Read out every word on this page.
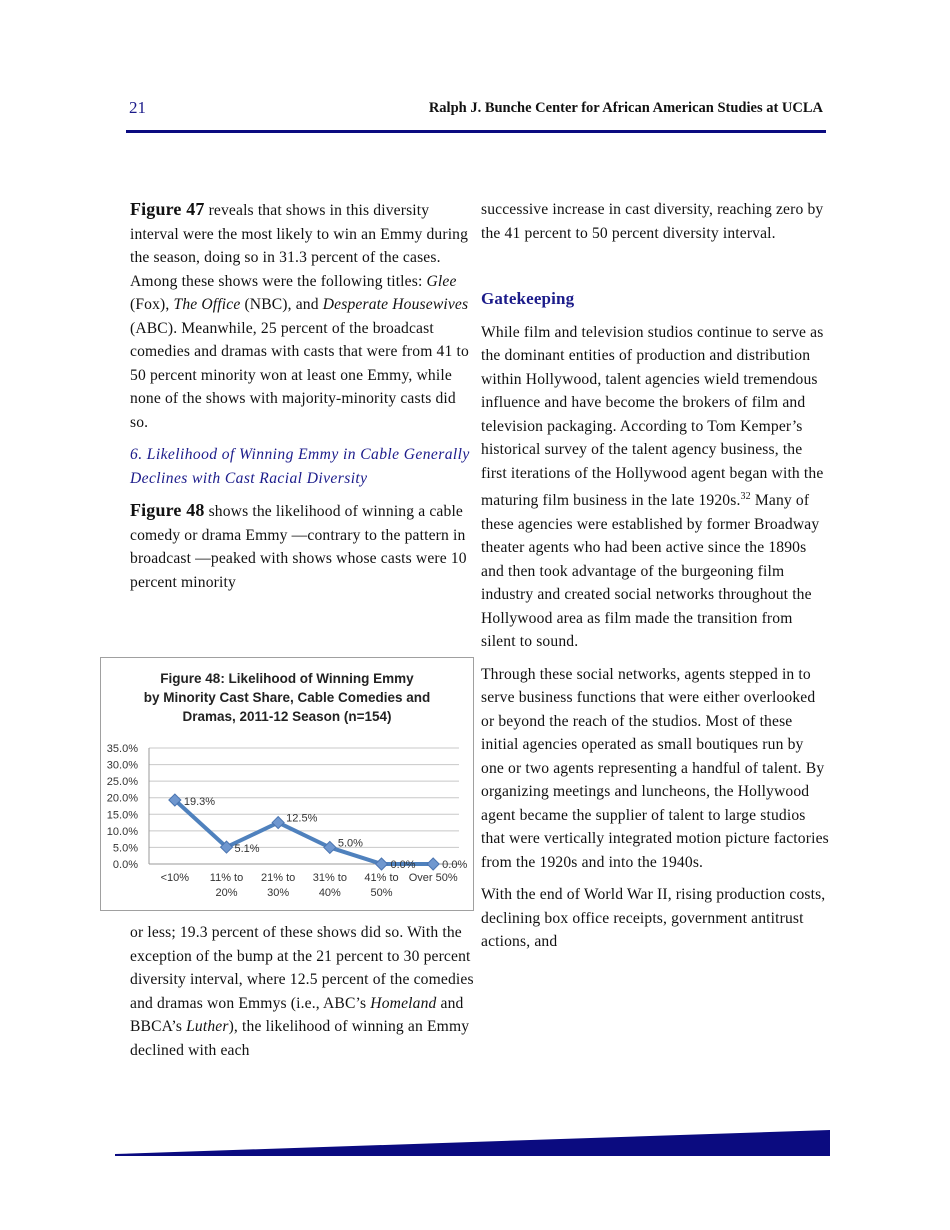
21	Ralph J. Bunche Center for African American Studies at UCLA

Figure 47 reveals that shows in this diversity interval were the most likely to win an Emmy during the season, doing so in 31.3 percent of the cases. Among these shows were the following titles: Glee (Fox), The Office (NBC), and Desperate Housewives (ABC). Meanwhile, 25 percent of the broadcast comedies and dramas with casts that were from 41 to 50 percent minority won at least one Emmy, while none of the shows with majority-minority casts did so.

6. Likelihood of Winning Emmy in Cable Generally Declines with Cast Racial Diversity

Figure 48 shows the likelihood of winning a cable comedy or drama Emmy —contrary to the pattern in broadcast —peaked with shows whose casts were 10 percent minority

Figure 48: Likelihood of Winning Emmy
by Minority Cast Share, Cable Comedies and
Dramas, 2011-12 Season (n=154)
0.0%
5.0%
10.0%
15.0%
20.0%
25.0%
30.0%
35.0%
<10% 11% to
20%
21% to
30%
31% to
40%
41% to
50%
Over 50%
19.3%
5.1%
12.5%
5.0%
0.0% 0.0%

or less; 19.3 percent of these shows did so. With the exception of the bump at the 21 percent to 30 percent diversity interval, where 12.5 percent of the comedies and dramas won Emmys (i.e., ABC’s Homeland and BBCA’s Luther), the likelihood of winning an Emmy declined with each

successive increase in cast diversity, reaching zero by the 41 percent to 50 percent diversity interval.

Gatekeeping

While film and television studios continue to serve as the dominant entities of production and distribution within Hollywood, talent agencies wield tremendous influence and have become the brokers of film and television packaging. According to Tom Kemper’s historical survey of the talent agency business, the first iterations of the Hollywood agent began with the maturing film business in the late 1920s.$^{32}$ Many of these agencies were established by former Broadway theater agents who had been active since the 1890s and then took advantage of the burgeoning film industry and created social networks throughout the Hollywood area as film made the transition from silent to sound.

Through these social networks, agents stepped in to serve business functions that were either overlooked or beyond the reach of the studios. Most of these initial agencies operated as small boutiques run by one or two agents representing a handful of talent. By organizing meetings and luncheons, the Hollywood agent became the supplier of talent to large studios that were vertically integrated motion picture factories from the 1920s and into the 1940s.

With the end of World War II, rising production costs, declining box office receipts, government antitrust actions, and
